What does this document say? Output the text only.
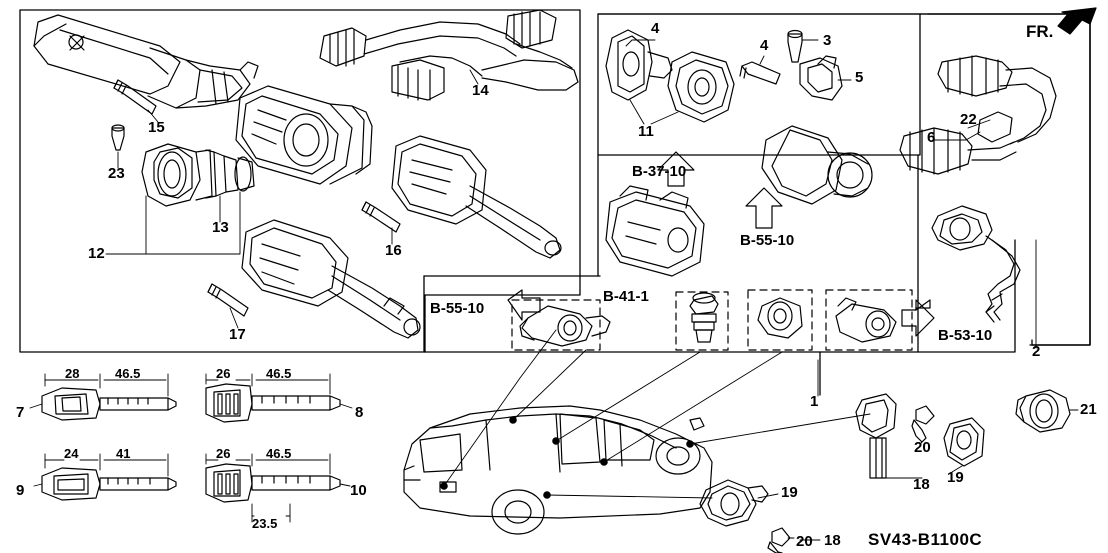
3
4
4
5
6
22
11
2
1
14
15
23
12
13
16
17
7	8
9	10	18 19
20
21
18
19
20
B-37-10
B-55-10
B-55-10
B-41-1
B-53-10
28	46.5	26	46.5
24	41	26	46.5
23.5
FR.
SV43-B1100C
